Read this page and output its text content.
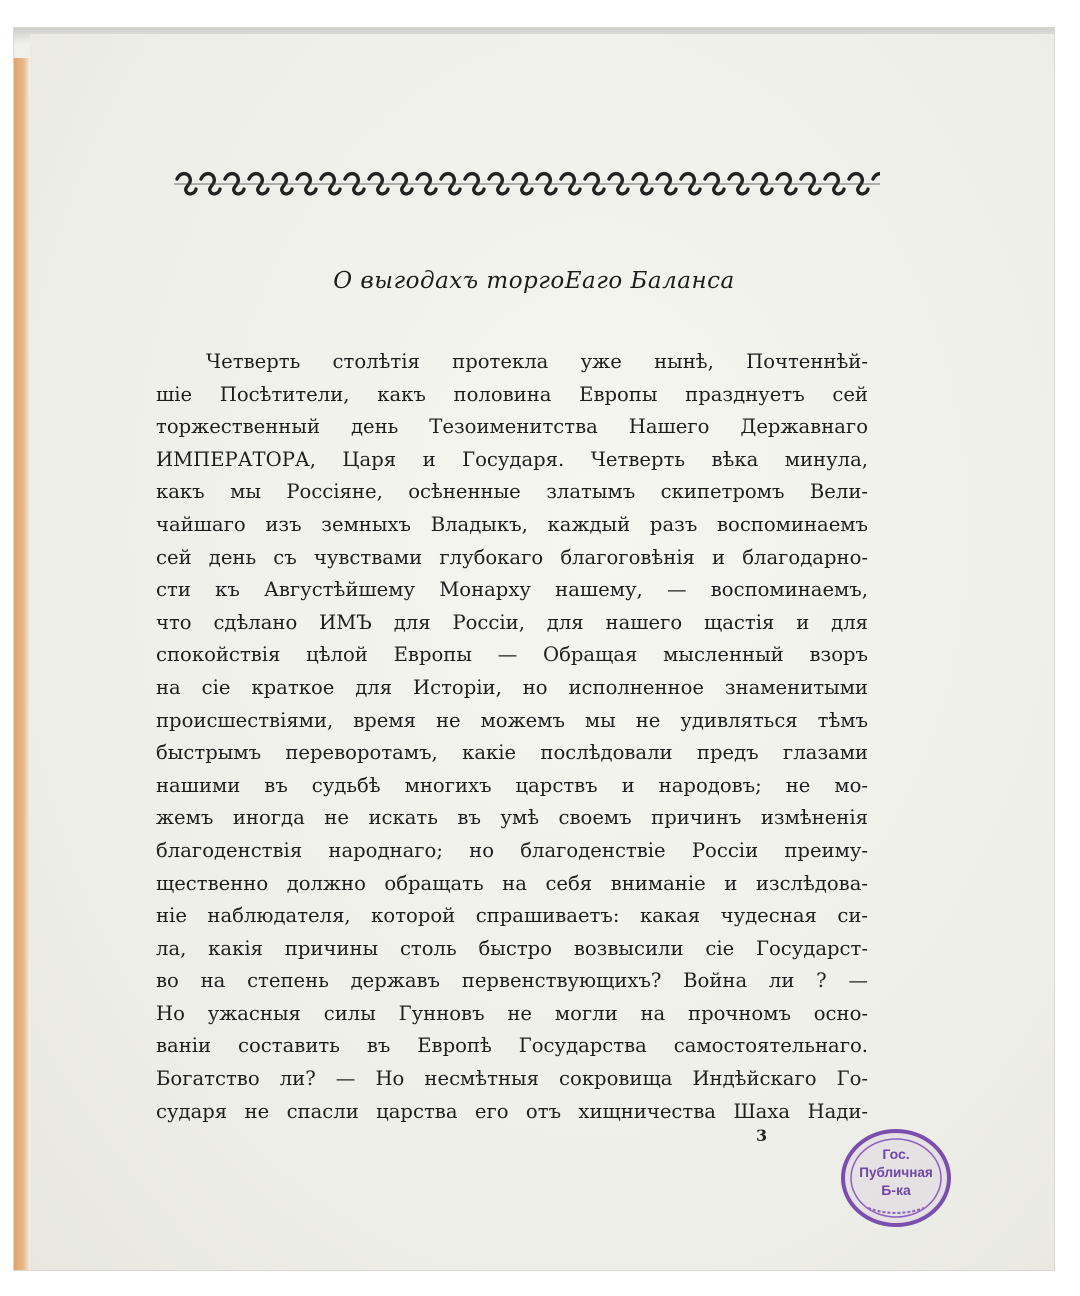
О выгодахъ торгоЕаго Баланса
Четверть столѣтія протекла уже нынѣ, Почтеннѣй-
шіе Посѣтители, какъ половина Европы празднуетъ сей
торжественный день Тезоименитства Нашего Державнаго
ИМПЕРАТОРА, Царя и Государя. Четверть вѣка минула,
какъ мы Россіяне, осѣненные златымъ скипетромъ Вели-
чайшаго изъ земныхъ Владыкъ, каждый разъ воспоминаемъ
сей день съ чувствами глубокаго благоговѣнія и благодарно-
сти къ Августѣйшему Монарху нашему, — воспоминаемъ,
что сдѣлано ИМЪ для Россіи, для нашего щастія и для
спокойствія цѣлой Европы — Обращая мысленный взоръ
на сіе краткое для Исторіи, но исполненное знаменитыми
происшествіями, время не можемъ мы не удивляться тѣмъ
быстрымъ переворотамъ, какіе послѣдовали предъ глазами
нашими въ судьбѣ многихъ царствъ и народовъ; не мо-
жемъ иногда не искать въ умѣ своемъ причинъ измѣненія
благоденствія народнаго; но благоденствіе Россіи преиму-
щественно должно обращать на себя вниманіе и изслѣдова-
ніе наблюдателя, которой спрашиваетъ: какая чудесная си-
ла, какія причины столь быстро возвысили сіе Государст-
во на степень державъ первенствующихъ? Война ли ? —
Но ужасныя силы Гунновъ не могли на прочномъ осно-
ваніи составить въ Европѣ Государства самостоятельнаго.
Богатство ли? — Но несмѣтныя сокровища Индѣйскаго Го-
сударя не спасли царства его отъ хищничества Шаха Нади-
3
Гос.
Публичная
Б-ка
